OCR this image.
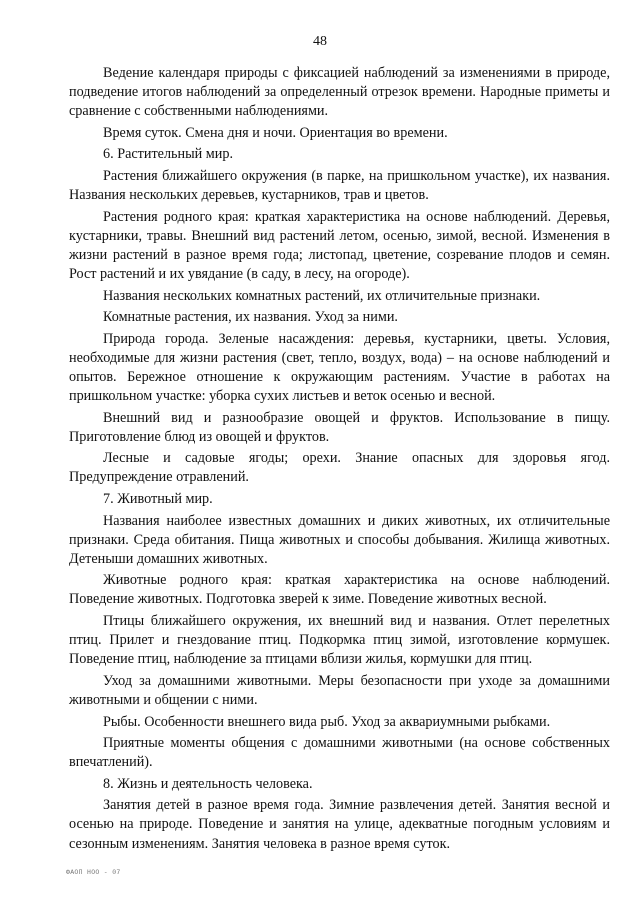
48

Ведение календаря природы с фиксацией наблюдений за изменениями в природе, подведение итогов наблюдений за определенный отрезок времени. Народные приметы и сравнение с собственными наблюдениями.

Время суток. Смена дня и ночи. Ориентация во времени.

6. Растительный мир.

Растения ближайшего окружения (в парке, на пришкольном участке), их названия. Названия нескольких деревьев, кустарников, трав и цветов.

Растения родного края: краткая характеристика на основе наблюдений. Деревья, кустарники, травы. Внешний вид растений летом, осенью, зимой, весной. Изменения в жизни растений в разное время года; листопад, цветение, созревание плодов и семян. Рост растений и их увядание (в саду, в лесу, на огороде).

Названия нескольких комнатных растений, их отличительные признаки.

Комнатные растения, их названия. Уход за ними.

Природа города. Зеленые насаждения: деревья, кустарники, цветы. Условия, необходимые для жизни растения (свет, тепло, воздух, вода) – на основе наблюдений и опытов. Бережное отношение к окружающим растениям. Участие в работах на пришкольном участке: уборка сухих листьев и веток осенью и весной.

Внешний вид и разнообразие овощей и фруктов. Использование в пищу. Приготовление блюд из овощей и фруктов.

Лесные и садовые ягоды; орехи. Знание опасных для здоровья ягод. Предупреждение отравлений.

7. Животный мир.

Названия наиболее известных домашних и диких животных, их отличительные признаки. Среда обитания. Пища животных и способы добывания. Жилища животных. Детеныши домашних животных.

Животные родного края: краткая характеристика на основе наблюдений. Поведение животных. Подготовка зверей к зиме. Поведение животных весной.

Птицы ближайшего окружения, их внешний вид и названия. Отлет перелетных птиц. Прилет и гнездование птиц. Подкормка птиц зимой, изготовление кормушек. Поведение птиц, наблюдение за птицами вблизи жилья, кормушки для птиц.

Уход за домашними животными. Меры безопасности при уходе за домашними животными и общении с ними.

Рыбы. Особенности внешнего вида рыб. Уход за аквариумными рыбками.

Приятные моменты общения с домашними животными (на основе собственных впечатлений).

8. Жизнь и деятельность человека.

Занятия детей в разное время года. Зимние развлечения детей. Занятия весной и осенью на природе. Поведение и занятия на улице, адекватные погодным условиям и сезонным изменениям. Занятия человека в разное время суток.

ФАОП НОО - 07
